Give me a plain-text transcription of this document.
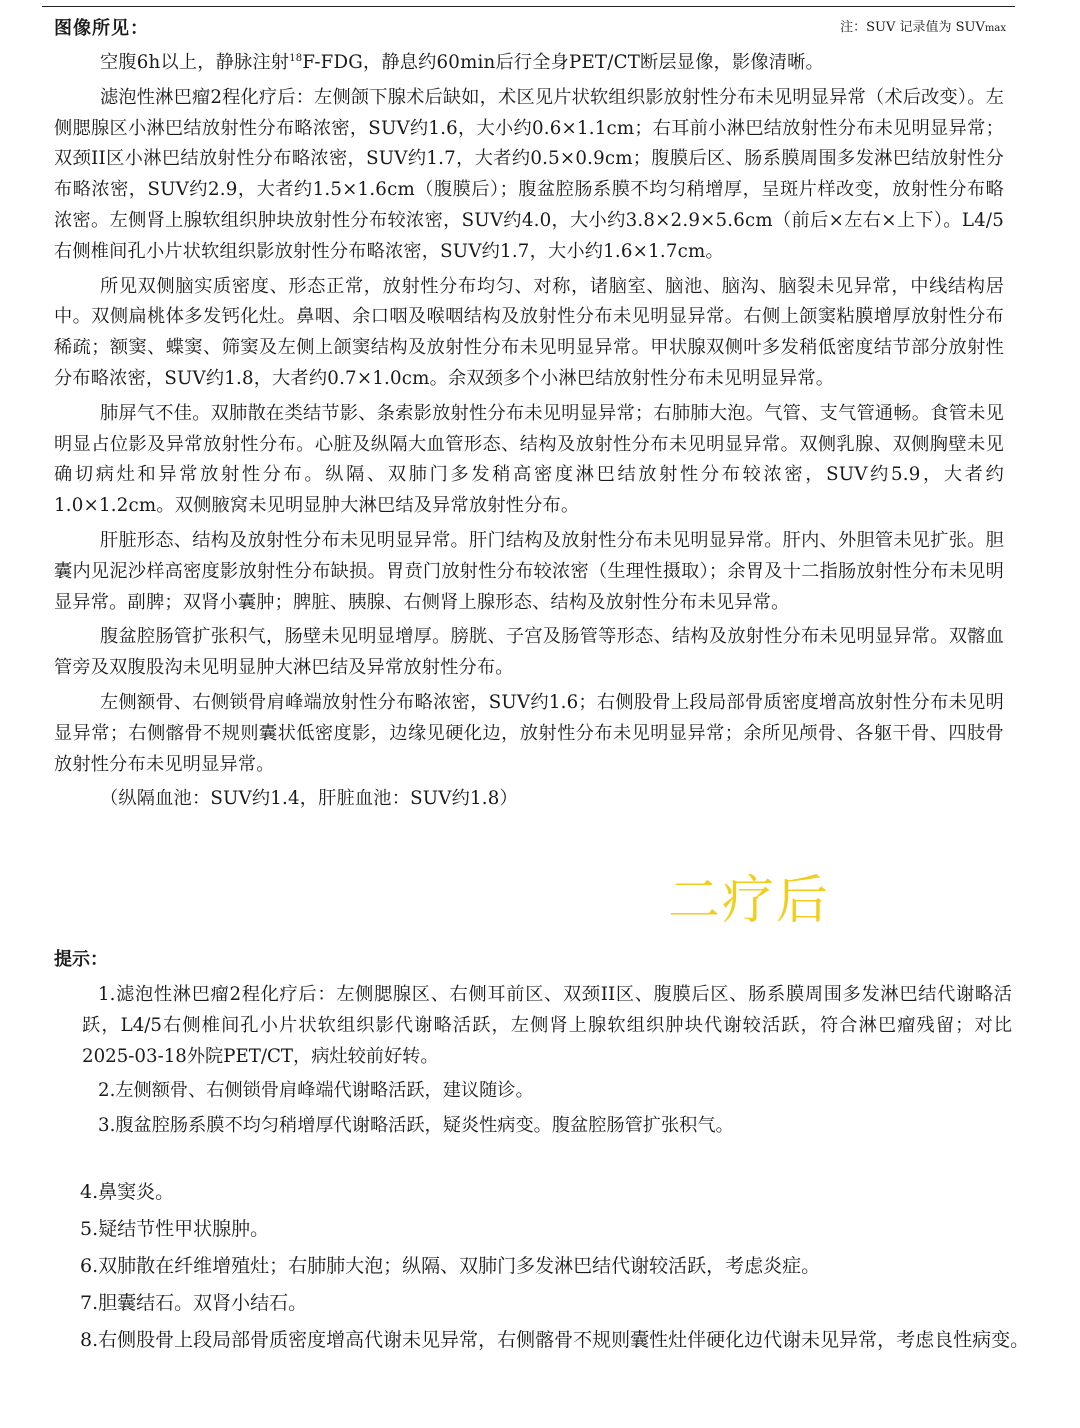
图像所见：	注：SUV 记录值为 SUVmax

空腹6h以上，静脉注射$^{18}$F-FDG，静息约60min后行全身PET/CT断层显像，影像清晰。

滤泡性淋巴瘤2程化疗后：左侧颌下腺术后缺如，术区见片状软组织影放射性分布未见明显异常（术后改变）。左侧腮腺区小淋巴结放射性分布略浓密，SUV约1.6，大小约0.6×1.1cm；右耳前小淋巴结放射性分布未见明显异常；双颈II区小淋巴结放射性分布略浓密，SUV约1.7，大者约0.5×0.9cm；腹膜后区、肠系膜周围多发淋巴结放射性分布略浓密，SUV约2.9，大者约1.5×1.6cm（腹膜后）；腹盆腔肠系膜不均匀稍增厚，呈斑片样改变，放射性分布略浓密。左侧肾上腺软组织肿块放射性分布较浓密，SUV约4.0，大小约3.8×2.9×5.6cm（前后×左右×上下）。L4/5右侧椎间孔小片状软组织影放射性分布略浓密，SUV约1.7，大小约1.6×1.7cm。

所见双侧脑实质密度、形态正常，放射性分布均匀、对称，诸脑室、脑池、脑沟、脑裂未见异常，中线结构居中。双侧扁桃体多发钙化灶。鼻咽、余口咽及喉咽结构及放射性分布未见明显异常。右侧上颌窦粘膜增厚放射性分布稀疏；额窦、蝶窦、筛窦及左侧上颌窦结构及放射性分布未见明显异常。甲状腺双侧叶多发稍低密度结节部分放射性分布略浓密，SUV约1.8，大者约0.7×1.0cm。余双颈多个小淋巴结放射性分布未见明显异常。

肺屏气不佳。双肺散在类结节影、条索影放射性分布未见明显异常；右肺肺大泡。气管、支气管通畅。食管未见明显占位影及异常放射性分布。心脏及纵隔大血管形态、结构及放射性分布未见明显异常。双侧乳腺、双侧胸壁未见确切病灶和异常放射性分布。纵隔、双肺门多发稍高密度淋巴结放射性分布较浓密，SUV约5.9，大者约1.0×1.2cm。双侧腋窝未见明显肿大淋巴结及异常放射性分布。

肝脏形态、结构及放射性分布未见明显异常。肝门结构及放射性分布未见明显异常。肝内、外胆管未见扩张。胆囊内见泥沙样高密度影放射性分布缺损。胃贲门放射性分布较浓密（生理性摄取）；余胃及十二指肠放射性分布未见明显异常。副脾；双肾小囊肿；脾脏、胰腺、右侧肾上腺形态、结构及放射性分布未见异常。

腹盆腔肠管扩张积气，肠壁未见明显增厚。膀胱、子宫及肠管等形态、结构及放射性分布未见明显异常。双髂血管旁及双腹股沟未见明显肿大淋巴结及异常放射性分布。

左侧额骨、右侧锁骨肩峰端放射性分布略浓密，SUV约1.6；右侧股骨上段局部骨质密度增高放射性分布未见明显异常；右侧髂骨不规则囊状低密度影，边缘见硬化边，放射性分布未见明显异常；余所见颅骨、各躯干骨、四肢骨放射性分布未见明显异常。

（纵隔血池：SUV约1.4，肝脏血池：SUV约1.8）

二疗后
提示：

1.滤泡性淋巴瘤2程化疗后：左侧腮腺区、右侧耳前区、双颈II区、腹膜后区、肠系膜周围多发淋巴结代谢略活跃，L4/5右侧椎间孔小片状软组织影代谢略活跃，左侧肾上腺软组织肿块代谢较活跃，符合淋巴瘤残留；对比2025-03-18外院PET/CT，病灶较前好转。

2.左侧额骨、右侧锁骨肩峰端代谢略活跃，建议随诊。

3.腹盆腔肠系膜不均匀稍增厚代谢略活跃，疑炎性病变。腹盆腔肠管扩张积气。

4.鼻窦炎。

5.疑结节性甲状腺肿。

6.双肺散在纤维增殖灶；右肺肺大泡；纵隔、双肺门多发淋巴结代谢较活跃，考虑炎症。

7.胆囊结石。双肾小结石。

8.右侧股骨上段局部骨质密度增高代谢未见异常，右侧髂骨不规则囊性灶伴硬化边代谢未见异常，考虑良性病变。
